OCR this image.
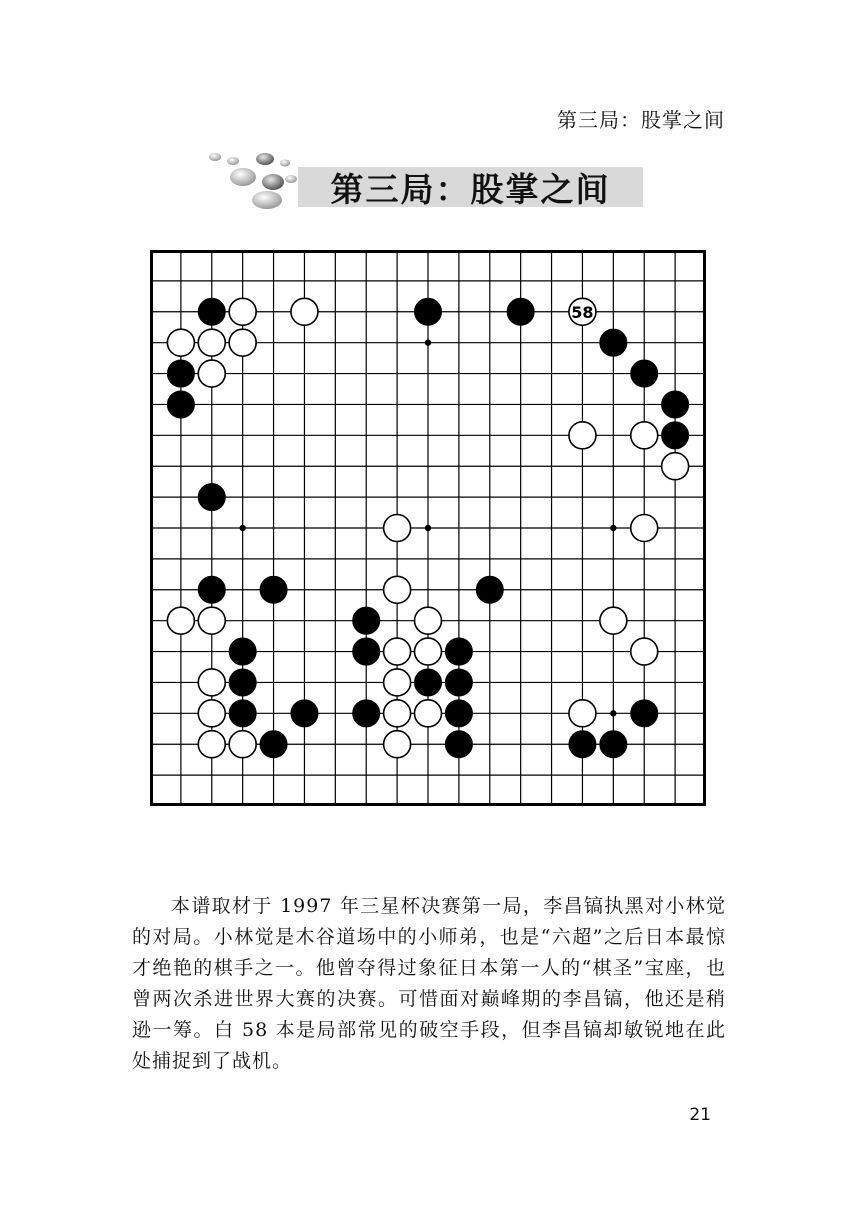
第三局：股掌之间
第三局：股掌之间
58

本谱取材于 1997 年三星杯决赛第一局，李昌镐执黑对小林觉的对局。小林觉是木谷道场中的小师弟，也是“六超”之后日本最惊才绝艳的棋手之一。他曾夺得过象征日本第一人的“棋圣”宝座，也曾两次杀进世界大赛的决赛。可惜面对巅峰期的李昌镐，他还是稍逊一筹。白 58 本是局部常见的破空手段，但李昌镐却敏锐地在此处捕捉到了战机。

21
